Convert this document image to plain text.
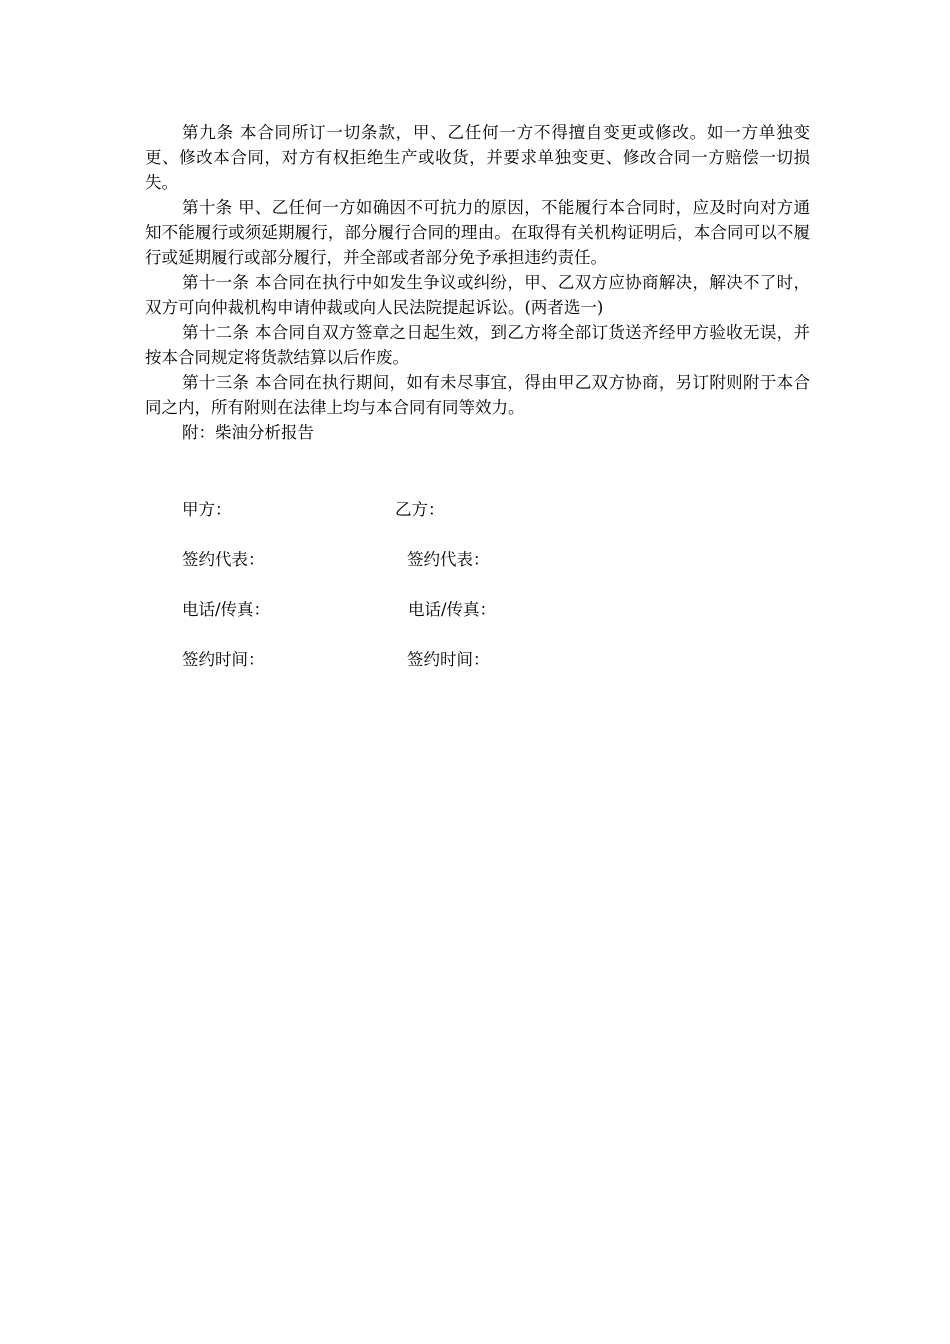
第九条 本合同所订一切条款，甲、乙任何一方不得擅自变更或修改。如一方单独变更、修改本合同，对方有权拒绝生产或收货，并要求单独变更、修改合同一方赔偿一切损失。

第十条 甲、乙任何一方如确因不可抗力的原因，不能履行本合同时，应及时向对方通知不能履行或须延期履行，部分履行合同的理由。在取得有关机构证明后，本合同可以不履行或延期履行或部分履行，并全部或者部分免予承担违约责任。

第十一条 本合同在执行中如发生争议或纠纷，甲、乙双方应协商解决，解决不了时，双方可向仲裁机构申请仲裁或向人民法院提起诉讼。(两者选一)

第十二条 本合同自双方签章之日起生效，到乙方将全部订货送齐经甲方验收无误，并按本合同规定将货款结算以后作废。

第十三条 本合同在执行期间，如有未尽事宜，得由甲乙双方协商，另订附则附于本合同之内，所有附则在法律上均与本合同有同等效力。

附：柴油分析报告

甲方：	乙方：
签约代表：	签约代表：
电话/传真：	电话/传真：
签约时间：	签约时间：
